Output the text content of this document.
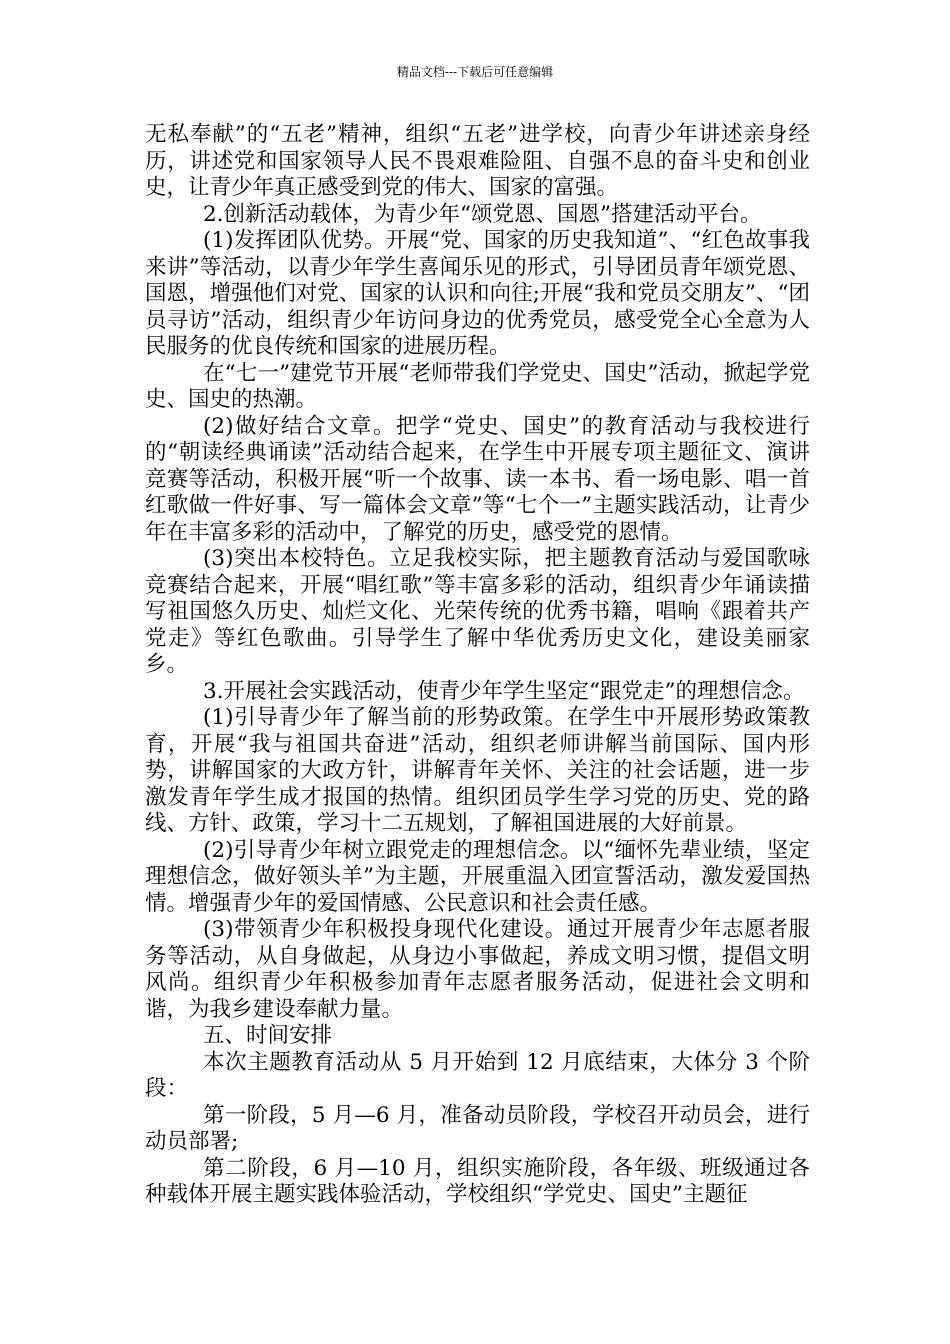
精品文档---下载后可任意编辑

无私奉献”的“五老”精神，组织“五老”进学校，向青少年讲述亲身经历，讲述党和国家领导人民不畏艰难险阻、自强不息的奋斗史和创业史，让青少年真正感受到党的伟大、国家的富强。

2.创新活动载体，为青少年“颂党恩、国恩”搭建活动平台。

(1)发挥团队优势。开展“党、国家的历史我知道”、“红色故事我来讲”等活动，以青少年学生喜闻乐见的形式，引导团员青年颂党恩、国恩，增强他们对党、国家的认识和向往;开展“我和党员交朋友”、“团员寻访”活动，组织青少年访问身边的优秀党员，感受党全心全意为人民服务的优良传统和国家的进展历程。

在“七一”建党节开展“老师带我们学党史、国史”活动，掀起学党史、国史的热潮。

(2)做好结合文章。把学“党史、国史”的教育活动与我校进行的“朝读经典诵读”活动结合起来，在学生中开展专项主题征文、演讲竞赛等活动，积极开展“听一个故事、读一本书、看一场电影、唱一首红歌做一件好事、写一篇体会文章”等“七个一”主题实践活动，让青少年在丰富多彩的活动中，了解党的历史，感受党的恩情。

(3)突出本校特色。立足我校实际，把主题教育活动与爱国歌咏竞赛结合起来，开展“唱红歌”等丰富多彩的活动，组织青少年诵读描写祖国悠久历史、灿烂文化、光荣传统的优秀书籍，唱响《跟着共产党走》等红色歌曲。引导学生了解中华优秀历史文化，建设美丽家乡。

3.开展社会实践活动，使青少年学生坚定“跟党走”的理想信念。

(1)引导青少年了解当前的形势政策。在学生中开展形势政策教育，开展“我与祖国共奋进”活动，组织老师讲解当前国际、国内形势，讲解国家的大政方针，讲解青年关怀、关注的社会话题，进一步激发青年学生成才报国的热情。组织团员学生学习党的历史、党的路线、方针、政策，学习十二五规划，了解祖国进展的大好前景。

(2)引导青少年树立跟党走的理想信念。以“缅怀先辈业绩，坚定理想信念，做好领头羊”为主题，开展重温入团宣誓活动，激发爱国热情。增强青少年的爱国情感、公民意识和社会责任感。

(3)带领青少年积极投身现代化建设。通过开展青少年志愿者服务等活动，从自身做起，从身边小事做起，养成文明习惯，提倡文明风尚。组织青少年积极参加青年志愿者服务活动，促进社会文明和谐，为我乡建设奉献力量。

五、时间安排

本次主题教育活动从 5 月开始到 12 月底结束，大体分 3 个阶段：

第一阶段，5 月—6 月，准备动员阶段，学校召开动员会，进行动员部署;

第二阶段，6 月—10 月，组织实施阶段，各年级、班级通过各种载体开展主题实践体验活动，学校组织“学党史、国史”主题征
